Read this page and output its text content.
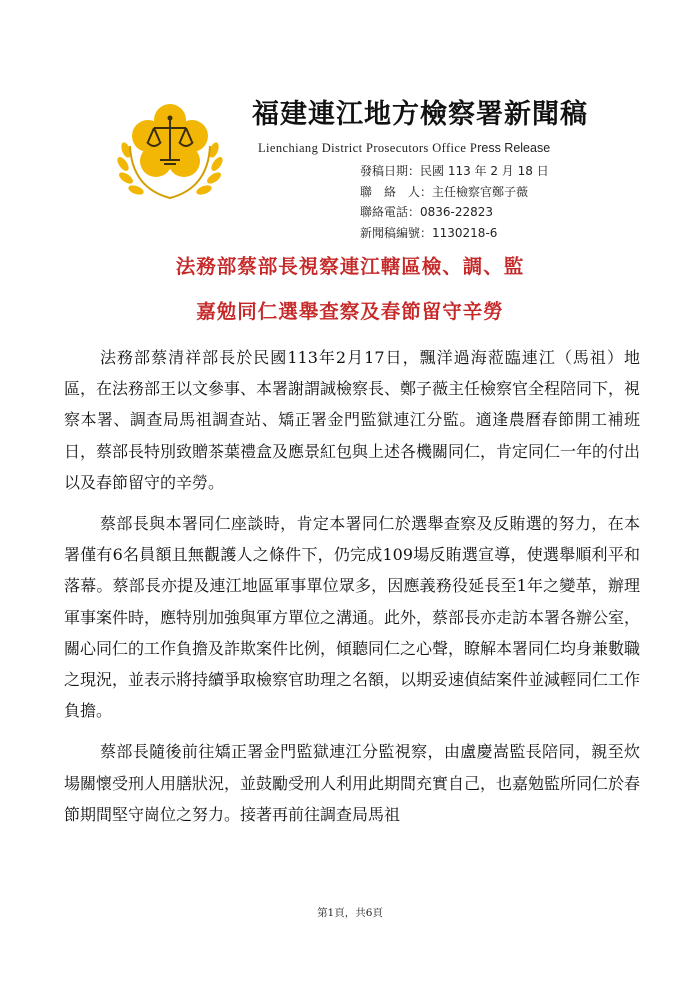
福建連江地方檢察署新聞稿
Lienchiang District Prosecutors Office Press Release
發稿日期：民國 113 年 2 月 18 日
聯　絡　人：主任檢察官鄭子薇
聯絡電話：0836-22823
新聞稿編號：1130218-6
法務部蔡部長視察連江轄區檢、調、監
嘉勉同仁選舉查察及春節留守辛勞

法務部蔡清祥部長於民國113年2月17日，飄洋過海蒞臨連江（馬祖）地區，在法務部王以文參事、本署謝謂誠檢察長、鄭子薇主任檢察官全程陪同下，視察本署、調查局馬祖調查站、矯正署金門監獄連江分監。適逢農曆春節開工補班日，蔡部長特別致贈茶葉禮盒及應景紅包與上述各機關同仁，肯定同仁一年的付出以及春節留守的辛勞。

蔡部長與本署同仁座談時，肯定本署同仁於選舉查察及反賄選的努力，在本署僅有6名員額且無觀護人之條件下，仍完成109場反賄選宣導，使選舉順利平和落幕。蔡部長亦提及連江地區軍事單位眾多，因應義務役延長至1年之變革，辦理軍事案件時，應特別加強與軍方單位之溝通。此外，蔡部長亦走訪本署各辦公室，關心同仁的工作負擔及詐欺案件比例，傾聽同仁之心聲，瞭解本署同仁均身兼數職之現況，並表示將持續爭取檢察官助理之名額，以期妥速偵結案件並減輕同仁工作負擔。

蔡部長隨後前往矯正署金門監獄連江分監視察，由盧慶嵩監長陪同，親至炊場關懷受刑人用膳狀況，並鼓勵受刑人利用此期間充實自己，也嘉勉監所同仁於春節期間堅守崗位之努力。接著再前往調查局馬祖

第1頁，共6頁
